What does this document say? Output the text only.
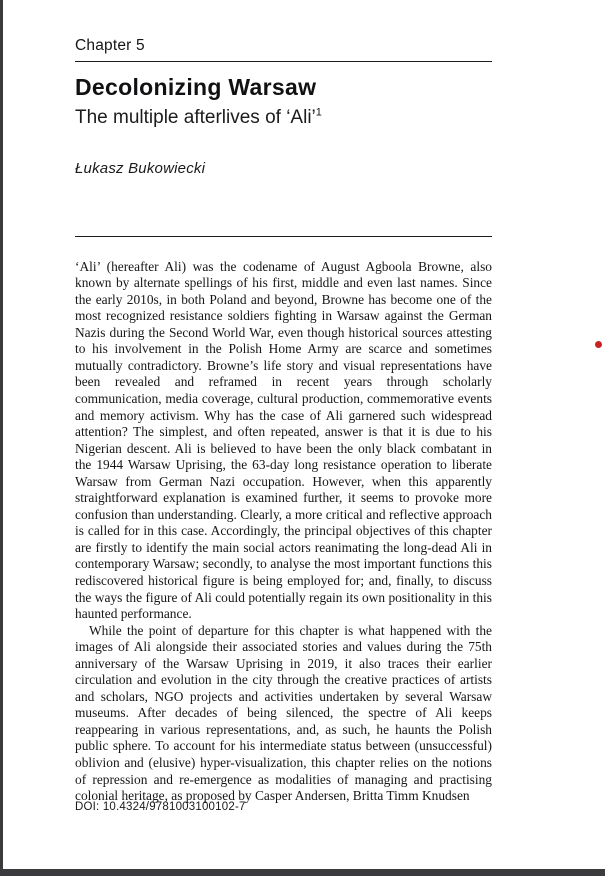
Chapter 5

Decolonizing Warsaw
The multiple afterlives of ‘Ali’$^1$

Łukasz Bukowiecki

‘Ali’ (hereafter Ali) was the codename of August Agboola Browne, also known by alternate spellings of his first, middle and even last names. Since the early 2010s, in both Poland and beyond, Browne has become one of the most recognized resistance soldiers fighting in Warsaw against the German Nazis during the Second World War, even though historical sources attesting to his involvement in the Polish Home Army are scarce and sometimes mutually contradictory. Browne’s life story and visual representations have been revealed and reframed in recent years through scholarly communication, media coverage, cultural production, commemorative events and memory activism. Why has the case of Ali garnered such widespread attention? The simplest, and often repeated, answer is that it is due to his Nigerian descent. Ali is believed to have been the only black combatant in the 1944 Warsaw Uprising, the 63-day long resistance operation to liberate Warsaw from German Nazi occupation. However, when this apparently straightforward explanation is examined further, it seems to provoke more confusion than understanding. Clearly, a more critical and reflective approach is called for in this case. Accordingly, the principal objectives of this chapter are firstly to identify the main social actors reanimating the long-dead Ali in contemporary Warsaw; secondly, to analyse the most important functions this rediscovered historical figure is being employed for; and, finally, to discuss the ways the figure of Ali could potentially regain its own positionality in this haunted performance.

While the point of departure for this chapter is what happened with the images of Ali alongside their associated stories and values during the 75th anniversary of the Warsaw Uprising in 2019, it also traces their earlier circulation and evolution in the city through the creative practices of artists and scholars, NGO projects and activities undertaken by several Warsaw museums. After decades of being silenced, the spectre of Ali keeps reappearing in various representations, and, as such, he haunts the Polish public sphere. To account for his intermediate status between (unsuccessful) oblivion and (elusive) hyper-visualization, this chapter relies on the notions of repression and re-emergence as modalities of managing and practising colonial heritage, as proposed by Casper Andersen, Britta Timm Knudsen

DOI: 10.4324/9781003100102-7
